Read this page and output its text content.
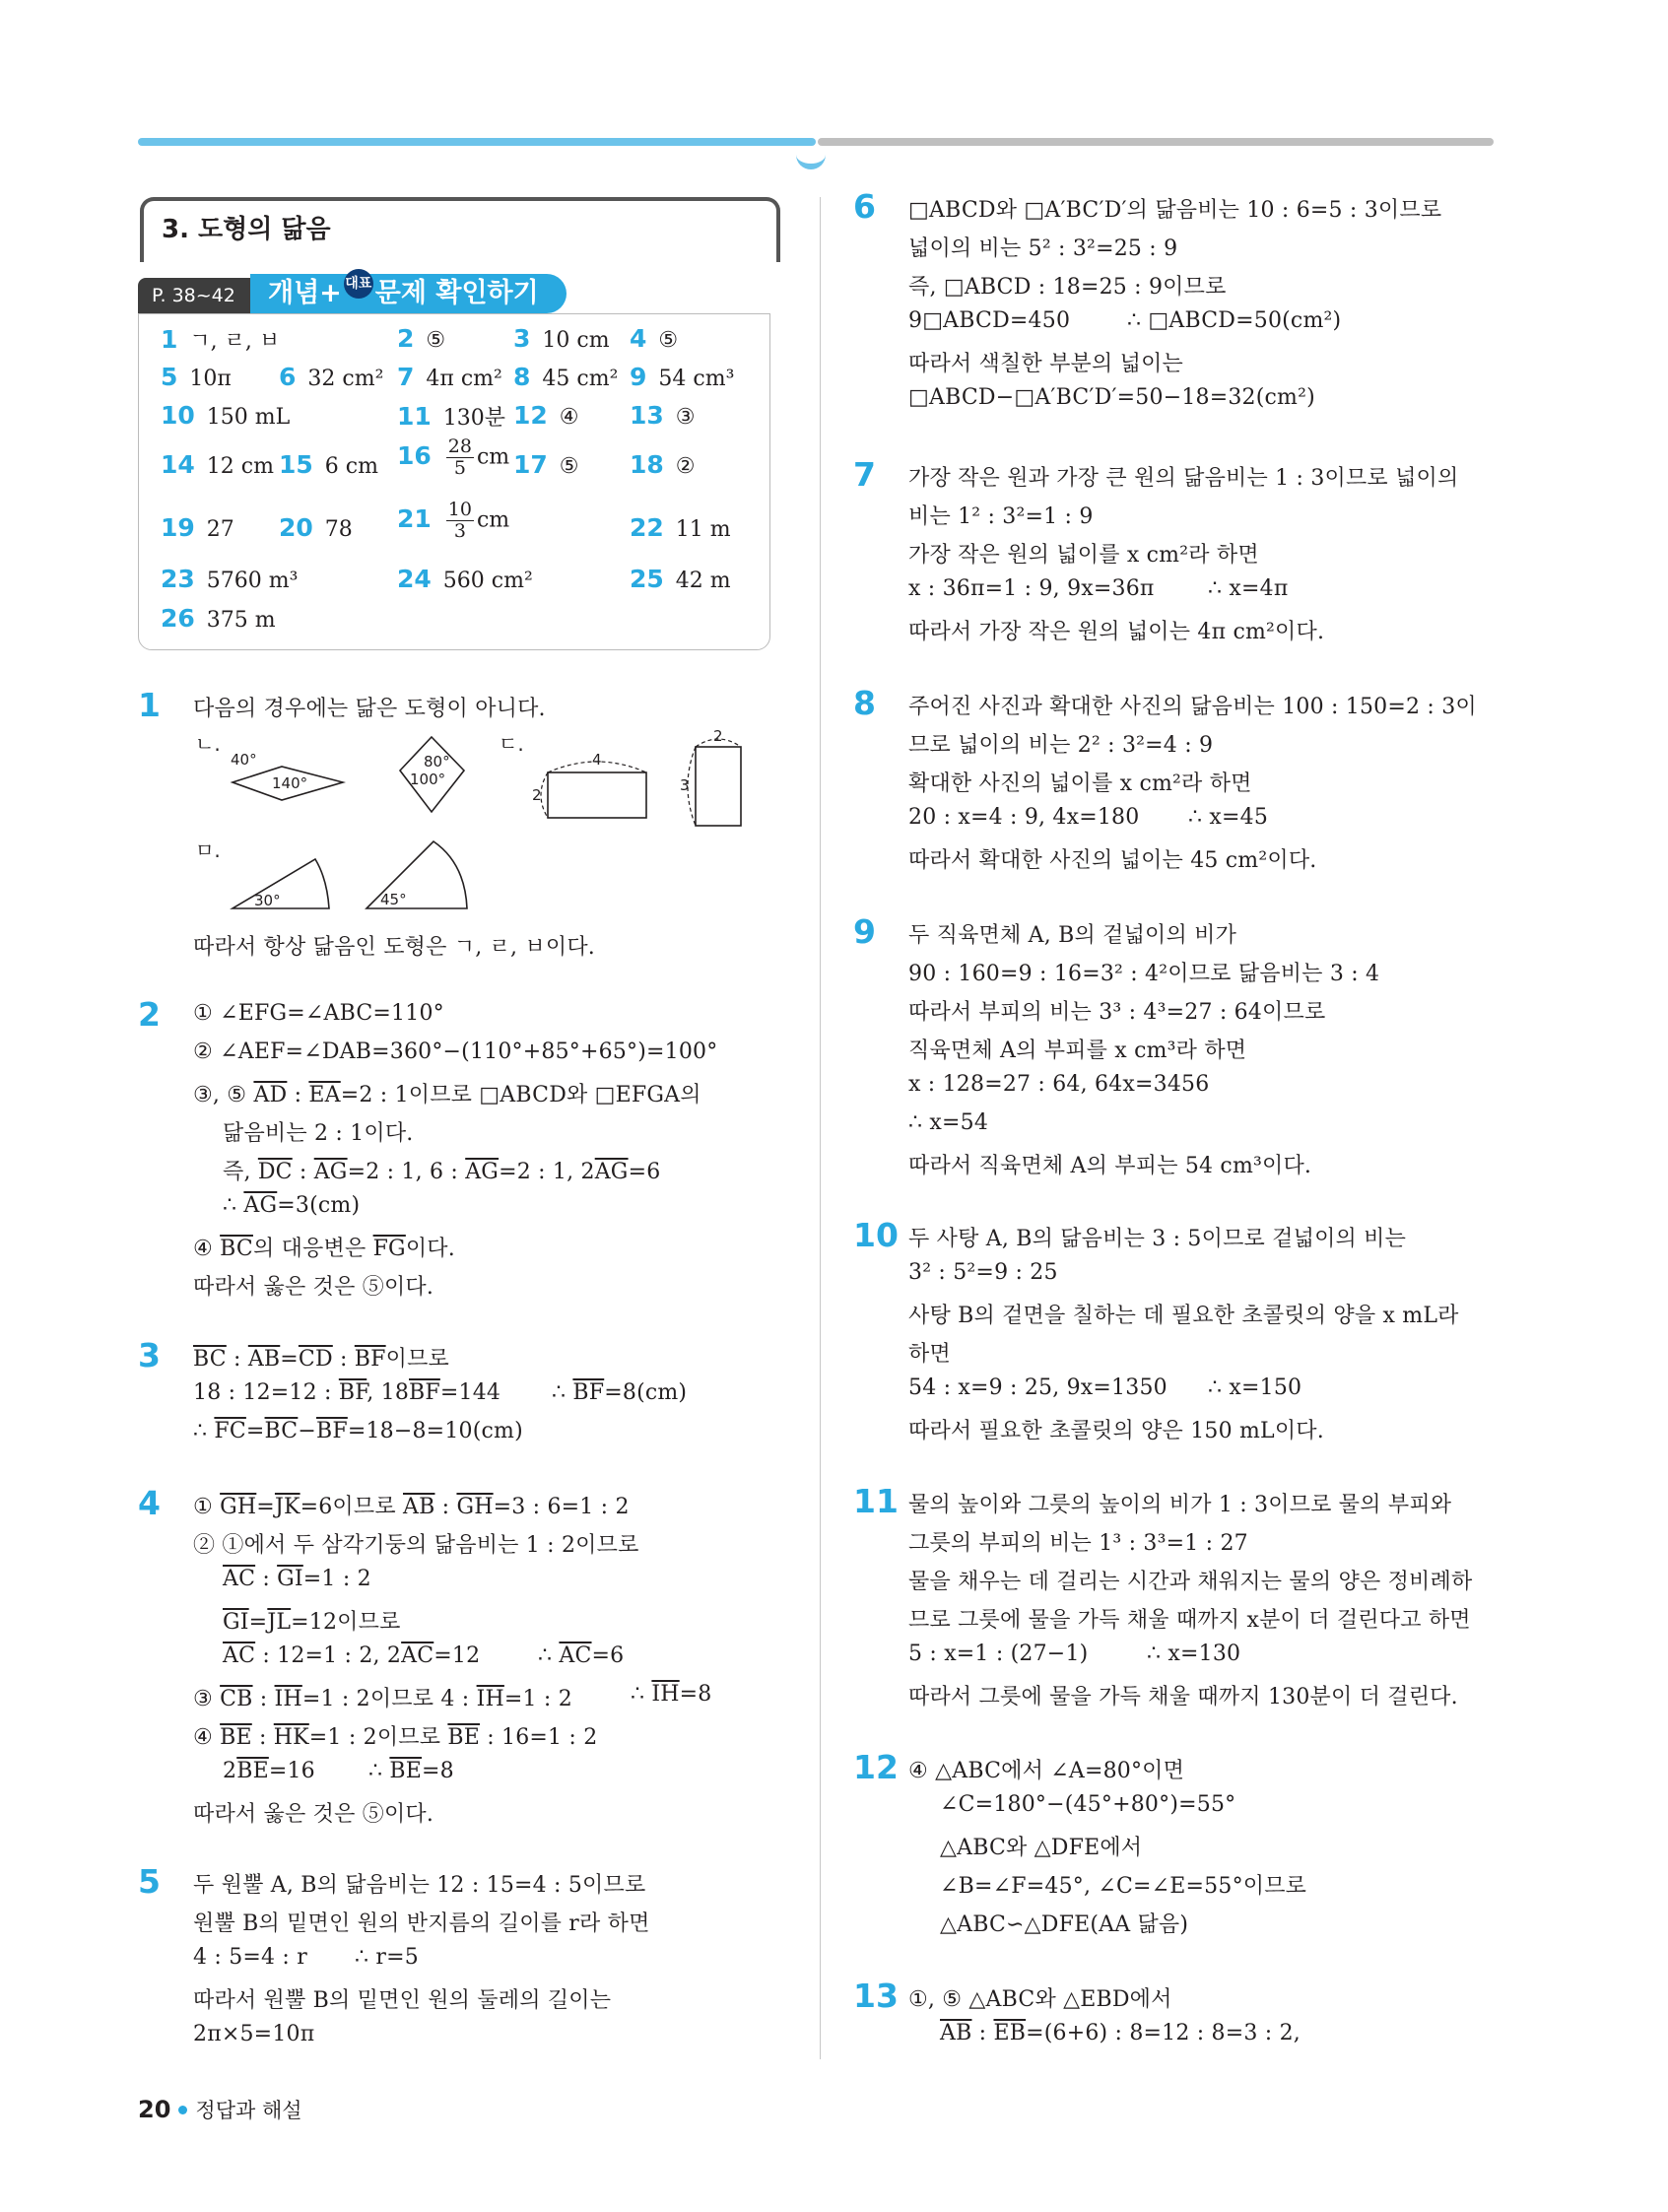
3. 도형의 닮음
P. 38~42	개념+ 대표 문제 확인하기
1 ㄱ, ㄹ, ㅂ	2 ⑤	3 10 cm 4 ⑤
5 10π 6 32 cm² 7 4π cm² 8 45 cm² 9 54 cm³
10 150 mL	11 130분 12 ④ 13 ③
14 12 cm 15 6 cm $16 \frac{28}{5}$ cm 17 ⑤ 18 ②
19 27 20 78 $21 \frac{10}{3}$ cm	22 11 m
23 5760 m³	24 560 cm²	25 42 m
26 375 m
1 다음의 경우에는 닮은 도형이 아니다.
ㄴ.	ㄷ.
ㅁ.
40°
140°
80°
100°
4
2
2
3
30°	45°
따라서 항상 닮음인 도형은 ㄱ, ㄹ, ㅂ이다.
2 ① ∠EFG=∠ABC=110°
② ∠AEF=∠DAB=360°−(110°+85°+65°)=100°
③, ⑤ $\overline{AD}$ : $\overline{EA}=2$ : 1이므로 □ABCD와 □EFGA의
닮음비는 2 : 1이다.
즉, $\overline{DC}$ : $\overline{AG}=2$ : 1, 6 : $\overline{AG}=2$ : 1, $2\overline{AG}=6$
∴ $\overline{AG}=3(cm)$
④ $\overline{BC}$의 대응변은 $\overline{FG}$이다.
따라서 옳은 것은 ⑤이다.
3 $\overline{BC}$ : $\overline{AB}=\overline{CD}$ : $\overline{BF}$이므로
18 : 12=12 : $\overline{BF}$, $18\overline{BF}=144$ ∴ $\overline{BF}=8(cm)$
∴ $\overline{FC}=\overline{BC}-\overline{BF}=18-8=10(cm)$
4 ① $\overline{GH}=\overline{JK}=6$이므로 $\overline{AB}$ : $\overline{GH}=3$ : 6=1 : 2
② ①에서 두 삼각기둥의 닮음비는 1 : 2이므로
$\overline{AC}$ : $\overline{GI}=1$ : 2
$\overline{GI}=\overline{JL}=12$이므로
$\overline{AC}$ : 12=1 : 2, $2\overline{AC}=12$	∴ $\overline{AC}=6$
③ $\overline{CB}$ : $\overline{IH}=1$ : 2이므로 4 : $\overline{IH}=1$ : 2	∴ $\overline{IH}=8$
④ $\overline{BE}$ : $\overline{HK}=1$ : 2이므로 $\overline{BE}$ : 16=1 : 2
$2\overline{BE}=16$ ∴ $\overline{BE}=8$
따라서 옳은 것은 ⑤이다.
5 두 원뿔 A, B의 닮음비는 12 : 15=4 : 5이므로
원뿔 B의 밑면인 원의 반지름의 길이를 r라 하면
4 : 5=4 : r ∴ r=5
따라서 원뿔 B의 밑면인 원의 둘레의 길이는
2π×5=10π
6 □ABCD와 □A′BC′D′의 닮음비는 10 : 6=5 : 3이므로
넓이의 비는 5² : 3²=25 : 9
즉, □ABCD : 18=25 : 9이므로
9□ABCD=450	∴ □ABCD=50(cm²)
따라서 색칠한 부분의 넓이는
□ABCD−□A′BC′D′=50−18=32(cm²)
7 가장 작은 원과 가장 큰 원의 닮음비는 1 : 3이므로 넓이의
비는 1² : 3²=1 : 9
가장 작은 원의 넓이를 x cm²라 하면
x : 36π=1 : 9, 9x=36π ∴ x=4π
따라서 가장 작은 원의 넓이는 4π cm²이다.
8 주어진 사진과 확대한 사진의 닮음비는 100 : 150=2 : 3이
므로 넓이의 비는 2² : 3²=4 : 9
확대한 사진의 넓이를 x cm²라 하면
20 : x=4 : 9, 4x=180 ∴ x=45
따라서 확대한 사진의 넓이는 45 cm²이다.
9 두 직육면체 A, B의 겉넓이의 비가
90 : 160=9 : 16=3² : 4²이므로 닮음비는 3 : 4
따라서 부피의 비는 3³ : 4³=27 : 64이므로
직육면체 A의 부피를 x cm³라 하면
x : 128=27 : 64, 64x=3456
∴ x=54
따라서 직육면체 A의 부피는 54 cm³이다.
10 두 사탕 A, B의 닮음비는 3 : 5이므로 겉넓이의 비는
3² : 5²=9 : 25
사탕 B의 겉면을 칠하는 데 필요한 초콜릿의 양을 x mL라
하면
54 : x=9 : 25, 9x=1350 ∴ x=150
따라서 필요한 초콜릿의 양은 150 mL이다.
11 물의 높이와 그릇의 높이의 비가 1 : 3이므로 물의 부피와
그릇의 부피의 비는 1³ : 3³=1 : 27
물을 채우는 데 걸리는 시간과 채워지는 물의 양은 정비례하
므로 그릇에 물을 가득 채울 때까지 x분이 더 걸린다고 하면
5 : x=1 : (27−1)	∴ x=130
따라서 그릇에 물을 가득 채울 때까지 130분이 더 걸린다.
12 ④ △ABC에서 ∠A=80°이면
∠C=180°−(45°+80°)=55°
△ABC와 △DFE에서
∠B=∠F=45°, ∠C=∠E=55°이므로
△ABC∽△DFE(AA 닮음)
13 ①, ⑤ △ABC와 △EBD에서
$\overline{AB}$ : $\overline{EB}=(6+6)$ : 8=12 : 8=3 : 2,
20 정답과 해설
